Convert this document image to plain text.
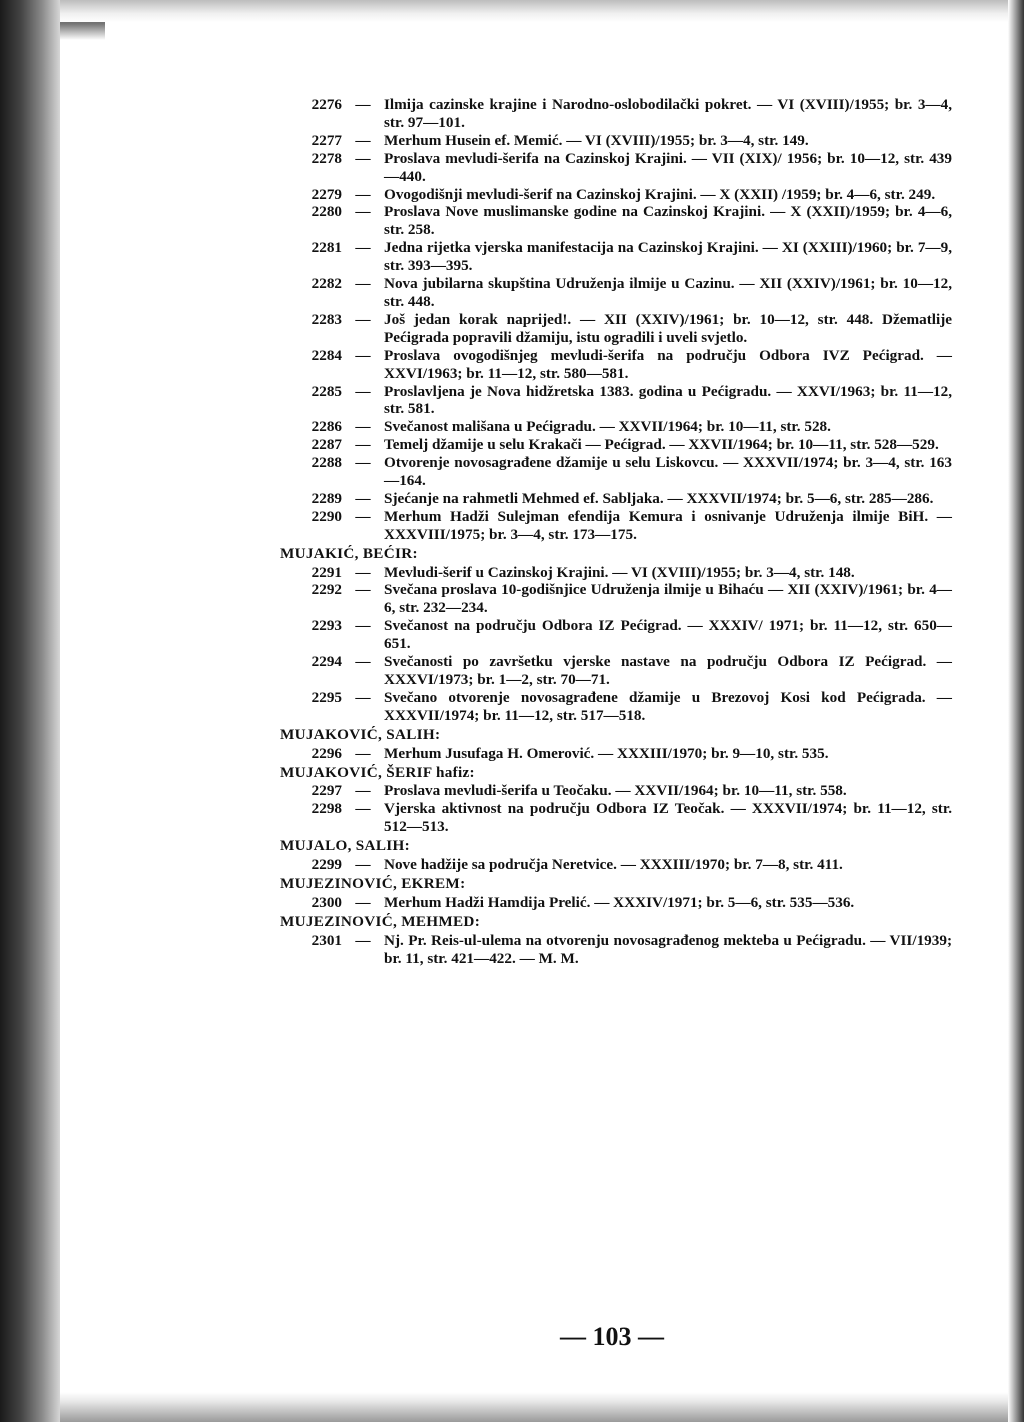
2276 — Ilmija cazinske krajine i Narodno-oslobodilački pokret. — VI (XVIII)/1955; br. 3—4, str. 97—101.
2277 — Merhum Husein ef. Memić. — VI (XVIII)/1955; br. 3—4, str. 149.
2278 — Proslava mevludi-šerifa na Cazinskoj Krajini. — VII (XIX)/ 1956; br. 10—12, str. 439—440.
2279 — Ovogodišnji mevludi-šerif na Cazinskoj Krajini. — X (XXII) /1959; br. 4—6, str. 249.
2280 — Proslava Nove muslimanske godine na Cazinskoj Krajini. — X (XXII)/1959; br. 4—6, str. 258.
2281 — Jedna rijetka vjerska manifestacija na Cazinskoj Krajini. — XI (XXIII)/1960; br. 7—9, str. 393—395.
2282 — Nova jubilarna skupština Udruženja ilmije u Cazinu. — XII (XXIV)/1961; br. 10—12, str. 448.
2283 — Još jedan korak naprijed!. — XII (XXIV)/1961; br. 10—12, str. 448. Džematlije Pećigrada popravili džamiju, istu ogradili i uveli svjetlo.
2284 — Proslava ovogodišnjeg mevludi-šerifa na području Odbora IVZ Pećigrad. — XXVI/1963; br. 11—12, str. 580—581.
2285 — Proslavljena je Nova hidžretska 1383. godina u Pećigradu. — XXVI/1963; br. 11—12, str. 581.
2286 — Svečanost mališana u Pećigradu. — XXVII/1964; br. 10—11, str. 528.
2287 — Temelj džamije u selu Krakači — Pećigrad. — XXVII/1964; br. 10—11, str. 528—529.
2288 — Otvorenje novosagrađene džamije u selu Liskovcu. — XXXVII/1974; br. 3—4, str. 163—164.
2289 — Sjećanje na rahmetli Mehmed ef. Sabljaka. — XXXVII/1974; br. 5—6, str. 285—286.
2290 — Merhum Hadži Sulejman efendija Kemura i osnivanje Udruženja ilmije BiH. — XXXVIII/1975; br. 3—4, str. 173—175.
MUJAKIĆ, BEĆIR:
2291 — Mevludi-šerif u Cazinskoj Krajini. — VI (XVIII)/1955; br. 3—4, str. 148.
2292 — Svečana proslava 10-godišnjice Udruženja ilmije u Bihaću — XII (XXIV)/1961; br. 4—6, str. 232—234.
2293 — Svečanost na području Odbora IZ Pećigrad. — XXXIV/ 1971; br. 11—12, str. 650—651.
2294 — Svečanosti po završetku vjerske nastave na području Odbora IZ Pećigrad. — XXXVI/1973; br. 1—2, str. 70—71.
2295 — Svečano otvorenje novosagrađene džamije u Brezovoj Kosi kod Pećigrada. — XXXVII/1974; br. 11—12, str. 517—518.
MUJAKOVIĆ, SALIH:
2296 — Merhum Jusufaga H. Omerović. — XXXIII/1970; br. 9—10, str. 535.
MUJAKOVIĆ, ŠERIF hafiz:
2297 — Proslava mevludi-šerifa u Teočaku. — XXVII/1964; br. 10—11, str. 558.
2298 — Vjerska aktivnost na području Odbora IZ Teočak. — XXXVII/1974; br. 11—12, str. 512—513.
MUJALO, SALIH:
2299 — Nove hadžije sa područja Neretvice. — XXXIII/1970; br. 7—8, str. 411.
MUJEZINOVIĆ, EKREM:
2300 — Merhum Hadži Hamdija Prelić. — XXXIV/1971; br. 5—6, str. 535—536.
MUJEZINOVIĆ, MEHMED:
2301 — Nj. Pr. Reis-ul-ulema na otvorenju novosagrađenog mekteba u Pećigradu. — VII/1939; br. 11, str. 421—422. — M. M.
— 103 —
